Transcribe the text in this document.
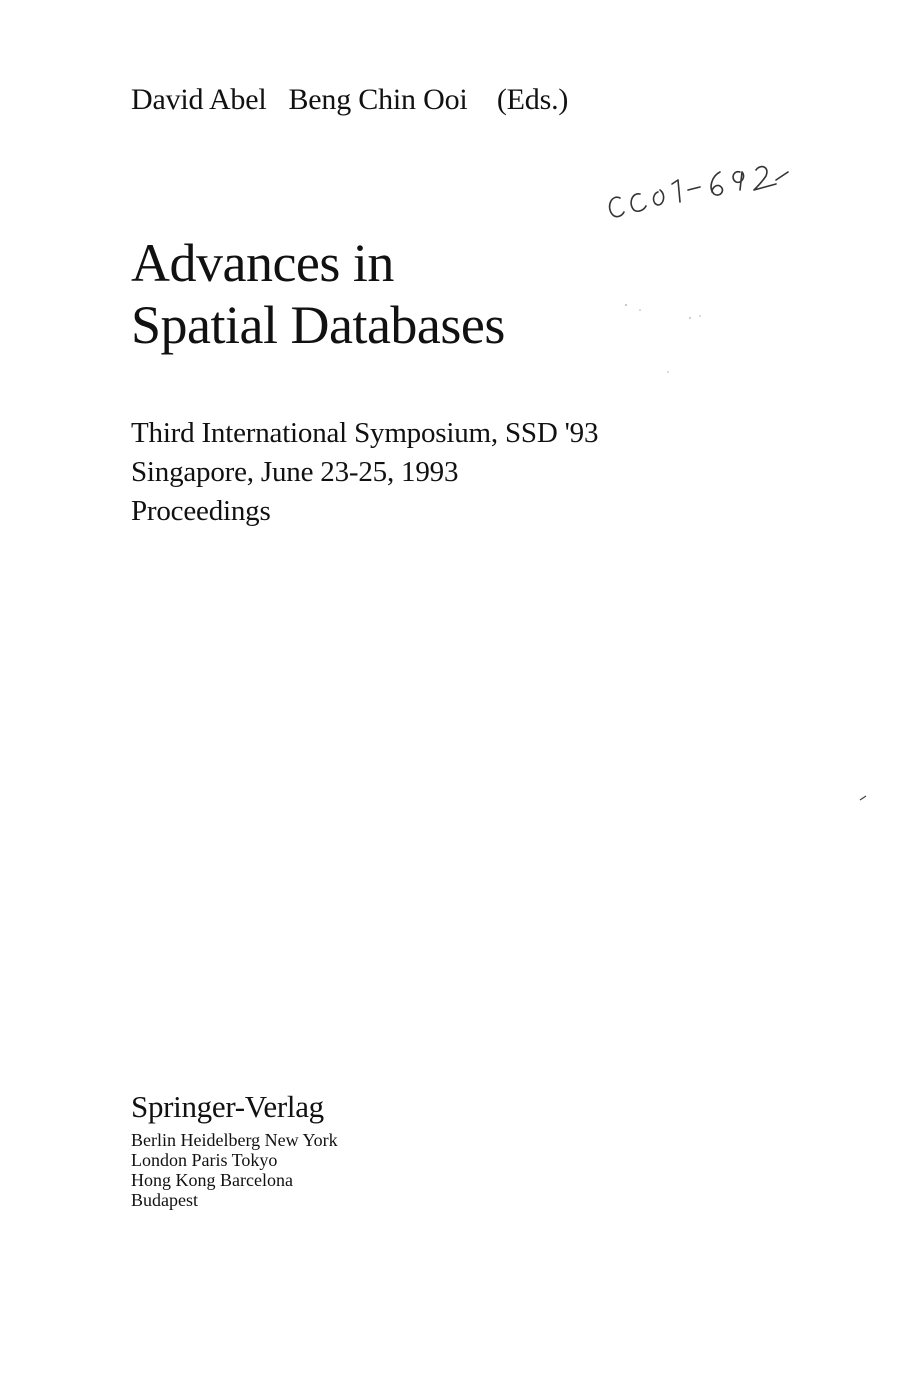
David Abel Beng Chin Ooi (Eds.)
Advances in
Spatial Databases
Third International Symposium, SSD '93
Singapore, June 23-25, 1993
Proceedings
Springer-Verlag
Berlin Heidelberg New York
London Paris Tokyo
Hong Kong Barcelona
Budapest
